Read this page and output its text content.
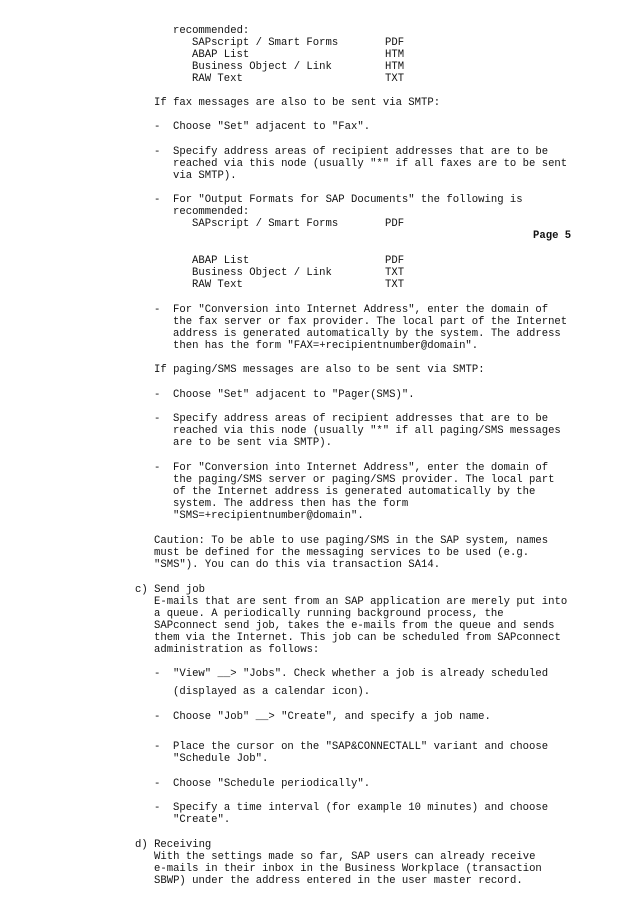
recommended:
SAPscript / Smart Forms	PDF
ABAP List	HTM
Business Object / Link	HTM
RAW Text	TXT
If fax messages are also to be sent via SMTP:
- Choose "Set" adjacent to "Fax".
- Specify address areas of recipient addresses that are to be
reached via this node (usually "*" if all faxes are to be sent
via SMTP).
- For "Output Formats for SAP Documents" the following is
recommended:
SAPscript / Smart Forms	PDF
Page 5
ABAP List	PDF
Business Object / Link	TXT
RAW Text	TXT
- For "Conversion into Internet Address", enter the domain of
the fax server or fax provider. The local part of the Internet
address is generated automatically by the system. The address
then has the form "FAX=+recipientnumber@domain".
If paging/SMS messages are also to be sent via SMTP:
- Choose "Set" adjacent to "Pager(SMS)".
- Specify address areas of recipient addresses that are to be
reached via this node (usually "*" if all paging/SMS messages
are to be sent via SMTP).
- For "Conversion into Internet Address", enter the domain of
the paging/SMS server or paging/SMS provider. The local part
of the Internet address is generated automatically by the
system. The address then has the form
"SMS=+recipientnumber@domain".
Caution: To be able to use paging/SMS in the SAP system, names
must be defined for the messaging services to be used (e.g.
"SMS"). You can do this via transaction SA14.
c) Send job
E-mails that are sent from an SAP application are merely put into
a queue. A periodically running background process, the
SAPconnect send job, takes the e-mails from the queue and sends
them via the Internet. This job can be scheduled from SAPconnect
administration as follows:
- "View" __> "Jobs". Check whether a job is already scheduled
(displayed as a calendar icon).
- Choose "Job" __> "Create", and specify a job name.
- Place the cursor on the "SAP&CONNECTALL" variant and choose
"Schedule Job".
- Choose "Schedule periodically".
- Specify a time interval (for example 10 minutes) and choose
"Create".
d) Receiving
With the settings made so far, SAP users can already receive
e-mails in their inbox in the Business Workplace (transaction
SBWP) under the address entered in the user master record.
